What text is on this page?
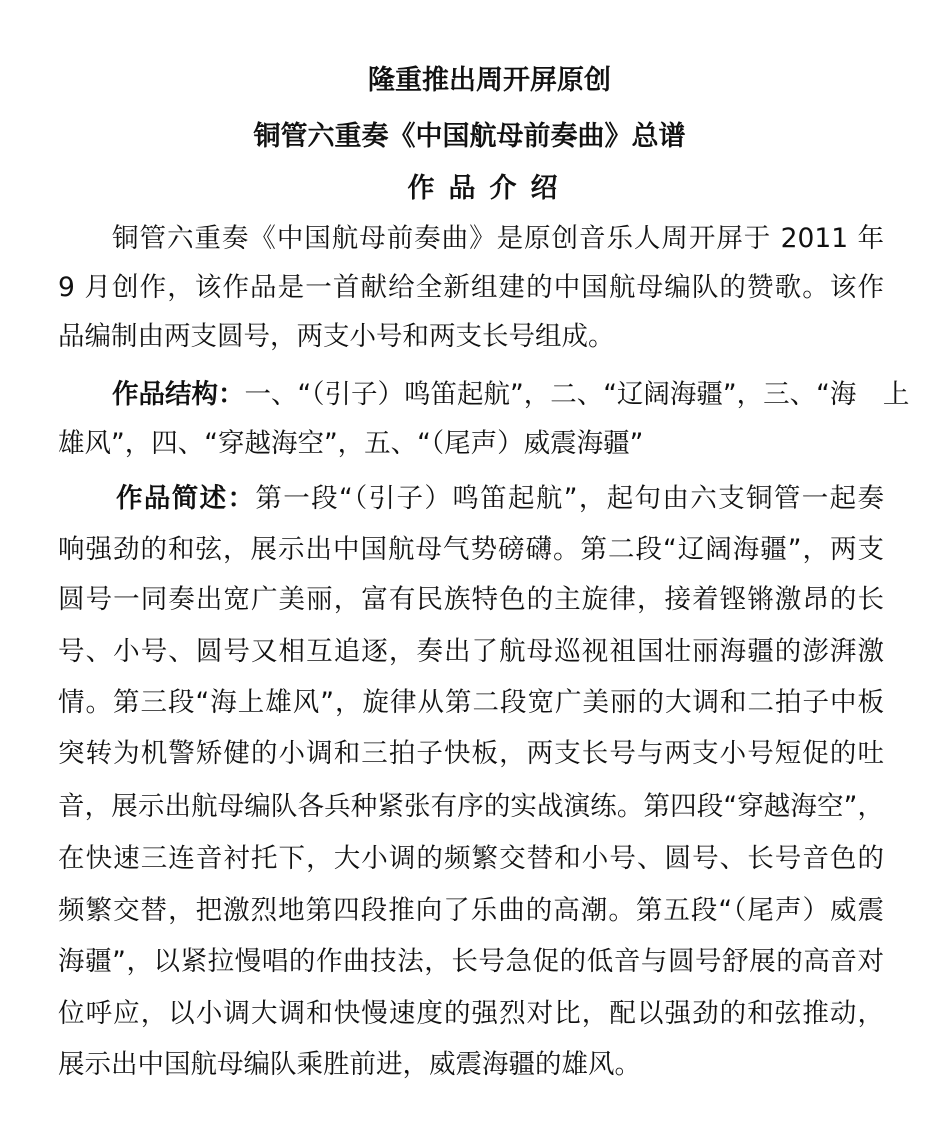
隆重推出周开屏原创
铜管六重奏《中国航母前奏曲》总谱
作品介绍
铜管六重奏《中国航母前奏曲》是原创音乐人周开屏于 2011 年
9 月创作，该作品是一首献给全新组建的中国航母编队的赞歌。该作
品编制由两支圆号，两支小号和两支长号组成。
作品结构：一、“（引子）鸣笛起航”，二、“辽阔海疆”，三、“海　上
雄风”，四、“穿越海空”，五、“（尾声）威震海疆”
作品简述：第一段“（引子）鸣笛起航”，起句由六支铜管一起奏
响强劲的和弦，展示出中国航母气势磅礴。第二段“辽阔海疆”，两支
圆号一同奏出宽广美丽，富有民族特色的主旋律，接着铿锵激昂的长
号、小号、圆号又相互追逐，奏出了航母巡视祖国壮丽海疆的澎湃激
情。第三段“海上雄风”，旋律从第二段宽广美丽的大调和二拍子中板
突转为机警矫健的小调和三拍子快板，两支长号与两支小号短促的吐
音，展示出航母编队各兵种紧张有序的实战演练。第四段“穿越海空”，
在快速三连音衬托下，大小调的频繁交替和小号、圆号、长号音色的
频繁交替，把激烈地第四段推向了乐曲的高潮。第五段“（尾声）威震
海疆”，以紧拉慢唱的作曲技法，长号急促的低音与圆号舒展的高音对
位呼应，以小调大调和快慢速度的强烈对比，配以强劲的和弦推动，
展示出中国航母编队乘胜前进，威震海疆的雄风。
